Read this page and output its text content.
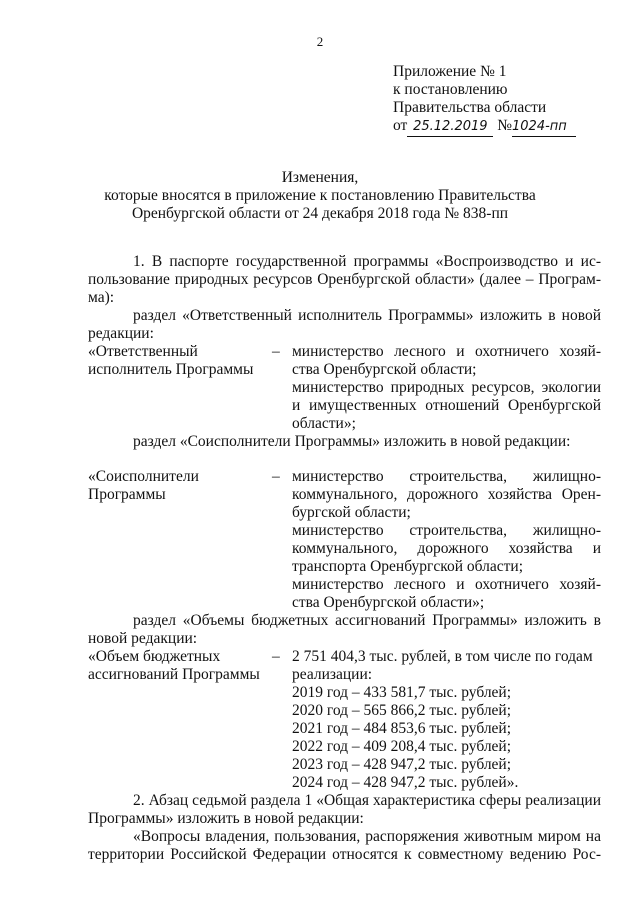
2
Приложение № 1
к постановлению
Правительства области
от 25.12.2019 №1024-пп
Изменения,
которые вносятся в приложение к постановлению Правительства
Оренбургской области от 24 декабря 2018 года № 838-пп
1. В паспорте государственной программы «Воспроизводство и ис-
пользование природных ресурсов Оренбургской области» (далее – Програм-
ма):
раздел «Ответственный исполнитель Программы» изложить в новой
редакции:
«Ответственный
исполнитель Программы
– министерство лесного и охотничего хозяй-
ства Оренбургской области;
министерство природных ресурсов, экологии
и имущественных отношений Оренбургской
области»;
раздел «Соисполнители Программы» изложить в новой редакции:
«Соисполнители
Программы
– министерство строительства, жилищно-
коммунального, дорожного хозяйства Орен-
бургской области;
министерство строительства, жилищно-
коммунального, дорожного хозяйства и
транспорта Оренбургской области;
министерство лесного и охотничего хозяй-
ства Оренбургской области»;
раздел «Объемы бюджетных ассигнований Программы» изложить в
новой редакции:
«Объем бюджетных
ассигнований Программы
– 2 751 404,3 тыс. рублей, в том числе по годам
реализации:
2019 год – 433 581,7 тыс. рублей;
2020 год – 565 866,2 тыс. рублей;
2021 год – 484 853,6 тыс. рублей;
2022 год – 409 208,4 тыс. рублей;
2023 год – 428 947,2 тыс. рублей;
2024 год – 428 947,2 тыс. рублей».
2. Абзац седьмой раздела 1 «Общая характеристика сферы реализации
Программы» изложить в новой редакции:
«Вопросы владения, пользования, распоряжения животным миром на
территории Российской Федерации относятся к совместному ведению Рос-
